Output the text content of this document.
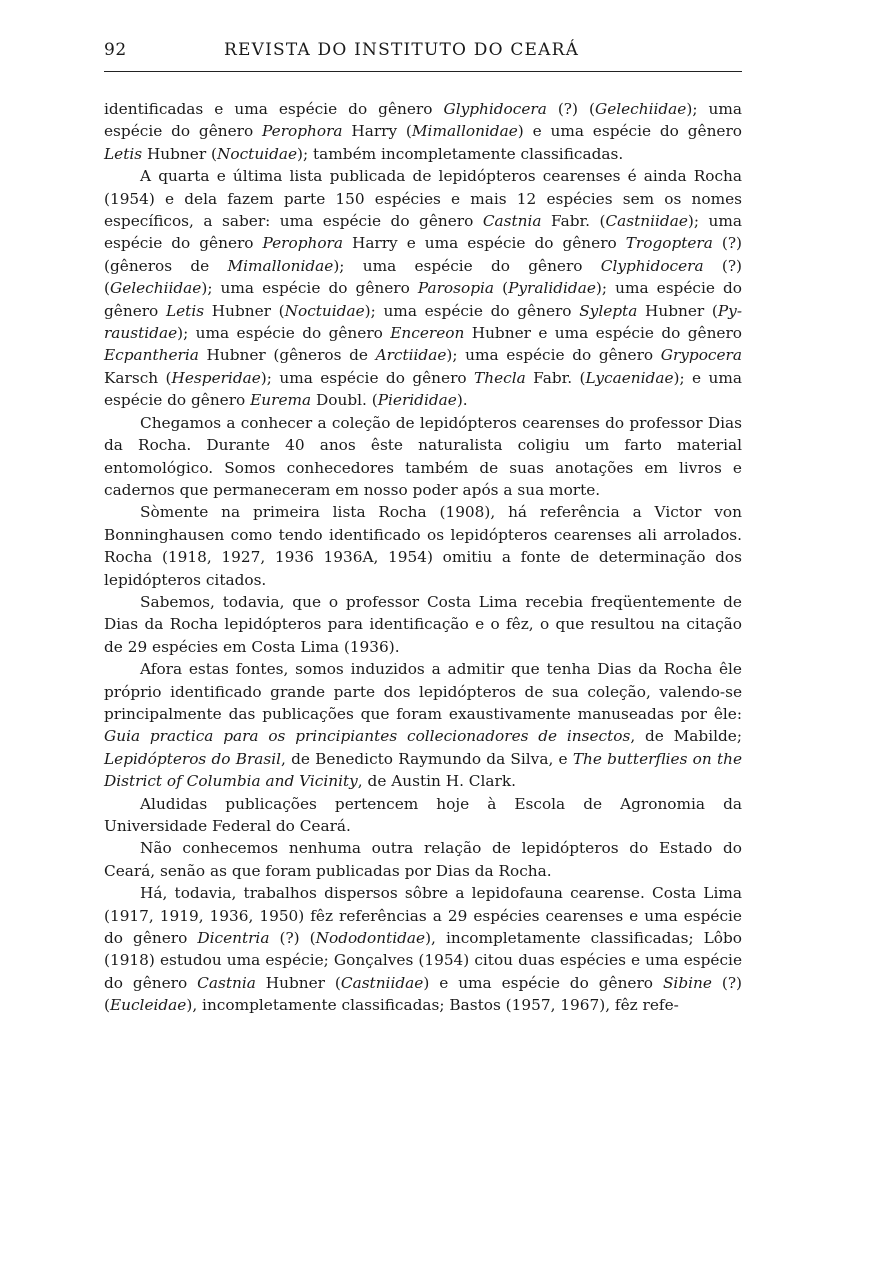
92	REVISTA DO INSTITUTO DO CEARÁ

identificadas e uma espécie do gênero Glyphidocera (?) (Gelechiidae); uma espécie do gênero Perophora Harry (Mimallonidae) e uma espécie do gênero Letis Hubner (Noctuidae); também incompletamente classificadas.

A quarta e última lista publicada de lepidópteros cearenses é ainda Rocha (1954) e dela fazem parte 150 espécies e mais 12 espécies sem os nomes específicos, a saber: uma espécie do gênero Castnia Fabr. (Castniidae); uma espécie do gênero Perophora Harry e uma espécie do gênero Trogoptera (?) (gêneros de Mimallonidae); uma espécie do gênero Clyphidocera (?) (Gelechiidae); uma espécie do gênero Parosopia (Pyralididae); uma espécie do gênero Letis Hubner (Noctuidae); uma espécie do gênero Sylepta Hubner (Pyraustidae); uma espécie do gênero Encereon Hubner e uma espécie do gênero Ecpantheria Hubner (gêneros de Arctiidae); uma espécie do gênero Grypocera Karsch (Hesperidae); uma espécie do gênero Thecla Fabr. (Lycaenidae); e uma espécie do gênero Eurema Doubl. (Pierididae).

Chegamos a conhecer a coleção de lepidópteros cearenses do professor Dias da Rocha. Durante 40 anos êste naturalista coligiu um farto material entomológico. Somos conhecedores também de suas anotações em livros e cadernos que permaneceram em nosso poder após a sua morte.

Sòmente na primeira lista Rocha (1908), há referência a Victor von Bonninghausen como tendo identificado os lepidópteros cearenses ali arrolados. Rocha (1918, 1927, 1936 1936A, 1954) omitiu a fonte de determinação dos lepidópteros citados.

Sabemos, todavia, que o professor Costa Lima recebia freqüentemente de Dias da Rocha lepidópteros para identificação e o fêz, o que resultou na citação de 29 espécies em Costa Lima (1936).

Afora estas fontes, somos induzidos a admitir que tenha Dias da Rocha êle próprio identificado grande parte dos lepidópteros de sua coleção, valendo-se principalmente das publicações que foram exaustivamente manuseadas por êle: Guia practica para os principiantes collecionadores de insectos, de Mabilde; Lepidópteros do Brasil, de Benedicto Raymundo da Silva, e The butterflies on the District of Columbia and Vicinity, de Austin H. Clark.

Aludidas publicações pertencem hoje à Escola de Agronomia da Universidade Federal do Ceará.

Não conhecemos nenhuma outra relação de lepidópteros do Estado do Ceará, senão as que foram publicadas por Dias da Rocha.

Há, todavia, trabalhos dispersos sôbre a lepidofauna cearense. Costa Lima (1917, 1919, 1936, 1950) fêz referências a 29 espécies cearenses e uma espécie do gênero Dicentria (?) (Nododontidae), incompletamente classificadas; Lôbo (1918) estudou uma espécie; Gonçalves (1954) citou duas espécies e uma espécie do gênero Castnia Hubner (Castniidae) e uma espécie do gênero Sibine (?) (Eucleidae), incompletamente classificadas; Bastos (1957, 1967), fêz refe-
